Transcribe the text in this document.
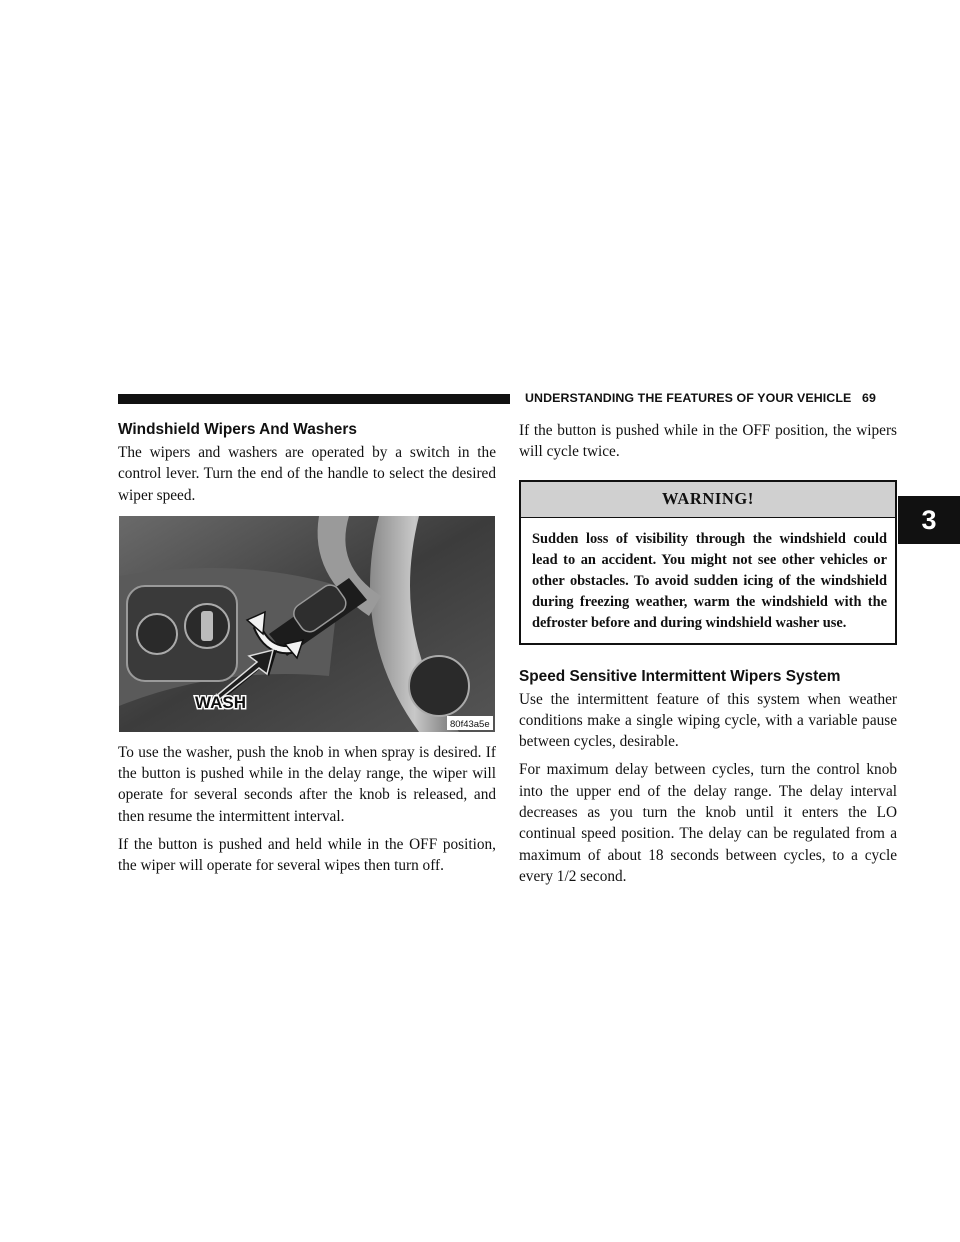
UNDERSTANDING THE FEATURES OF YOUR VEHICLE 69
3
Windshield Wipers And Washers

The wipers and washers are operated by a switch in the control lever. Turn the end of the handle to select the desired wiper speed.

WASH
80f43a5e

To use the washer, push the knob in when spray is desired. If the button is pushed while in the delay range, the wiper will operate for several seconds after the knob is released, and then resume the intermittent interval.

If the button is pushed and held while in the OFF position, the wiper will operate for several wipes then turn off.

If the button is pushed while in the OFF position, the wipers will cycle twice.

WARNING!
Sudden loss of visibility through the windshield could lead to an accident. You might not see other vehicles or other obstacles. To avoid sudden icing of the windshield during freezing weather, warm the windshield with the defroster before and during windshield washer use.
Speed Sensitive Intermittent Wipers System

Use the intermittent feature of this system when weather conditions make a single wiping cycle, with a variable pause between cycles, desirable.

For maximum delay between cycles, turn the control knob into the upper end of the delay range. The delay interval decreases as you turn the knob until it enters the LO continual speed position. The delay can be regulated from a maximum of about 18 seconds between cycles, to a cycle every 1/2 second.
